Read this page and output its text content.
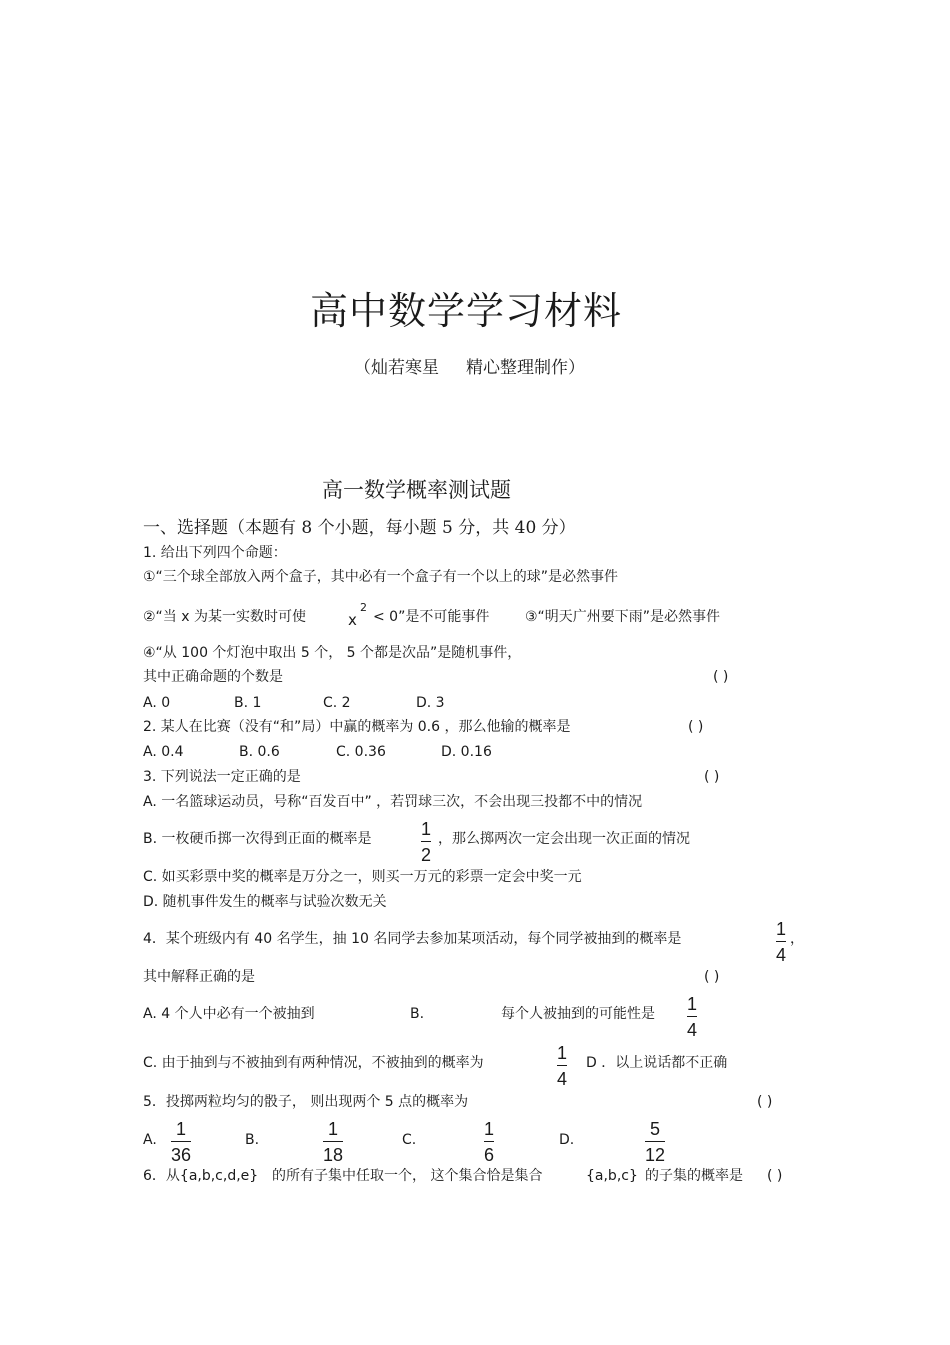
高中数学学习材料
（灿若寒星 精心整理制作）
高一数学概率测试题
一、选择题（本题有 8 个小题，每小题 5 分，共 40 分）
1. 给出下列四个命题：
①“三个球全部放入两个盒子，其中必有一个盒子有一个以上的球”是必然事件
②“当 x 为某一实数时可使	x
2
< 0”是不可能事件	③“明天广州要下雨”是必然事件
④“从 100 个灯泡中取出 5 个， 5 个都是次品”是随机事件，
其中正确命题的个数是	( )
A. 0	B. 1	C. 2	D. 3
2. 某人在比赛（没有“和”局）中赢的概率为 0.6 ，那么他输的概率是	( )
A. 0.4	B. 0.6	C. 0.36	D. 0.16
3. 下列说法一定正确的是	( )
A. 一名篮球运动员，号称“百发百中” ，若罚球三次，不会出现三投都不中的情况
B. 一枚硬币掷一次得到正面的概率是	1
2
，那么掷两次一定会出现一次正面的情况
C. 如买彩票中奖的概率是万分之一，则买一万元的彩票一定会中奖一元
D. 随机事件发生的概率与试验次数无关
4．某个班级内有 40 名学生，抽 10 名同学去参加某项活动，每个同学被抽到的概率是	1
4
，
其中解释正确的是	( )
A. 4 个人中必有一个被抽到	B.	每个人被抽到的可能性是 1
4
C. 由于抽到与不被抽到有两种情况，不被抽到的概率为	1
4
D ．以上说话都不正确
5．投掷两粒均匀的骰子， 则出现两个 5 点的概率为	( )
A.
1
36
B.
1
18
C.
1
6
D.
5
12
6．从{a,b,c,d,e} 的所有子集中任取一个， 这个集合恰是集合	{a,b,c} 的子集的概率是 ( )
